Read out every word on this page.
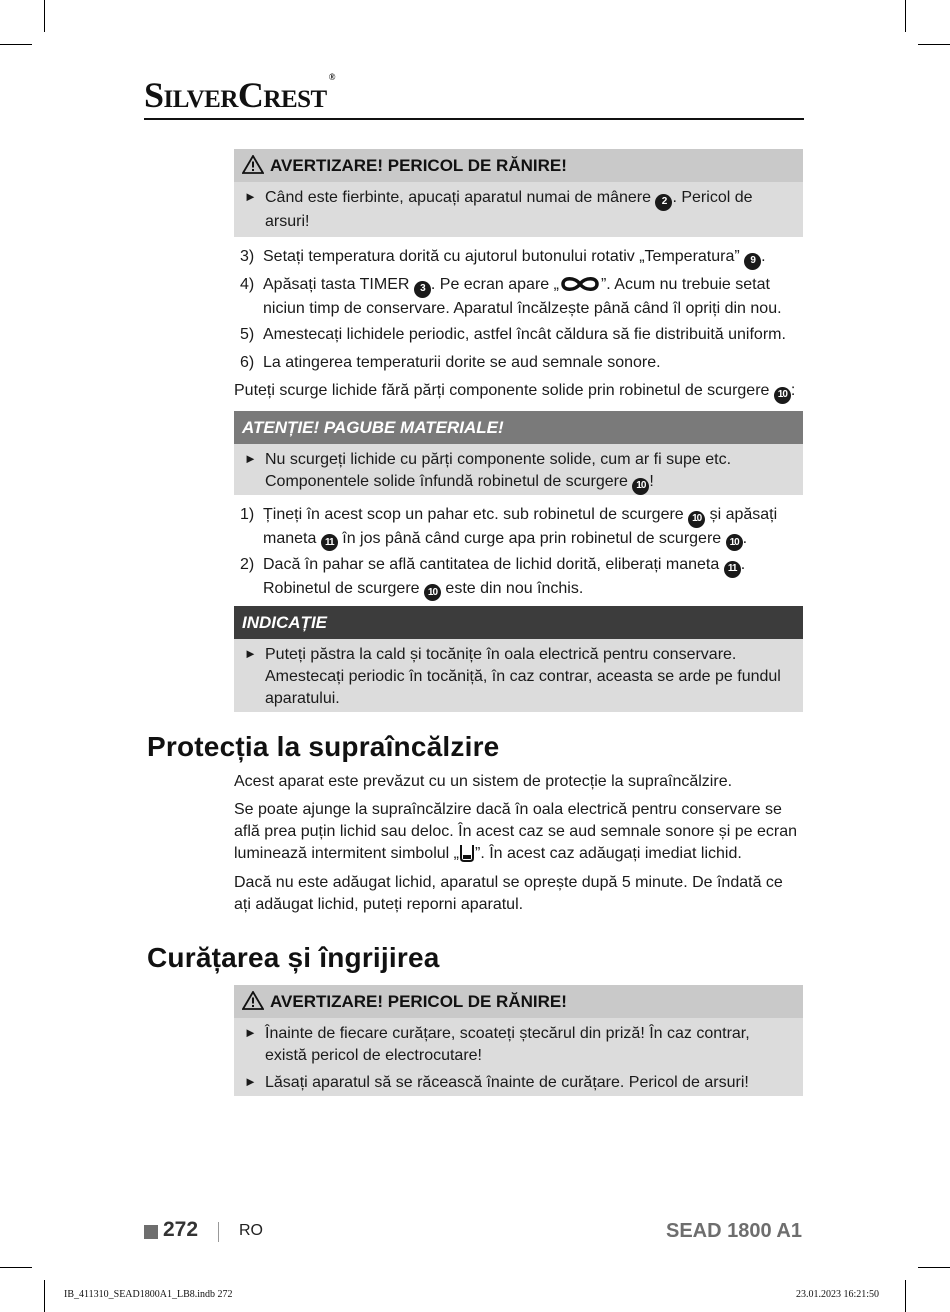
SilverCrest ®
AVERTIZARE! PERICOL DE RĂNIRE!
► Când este fierbinte, apucați aparatul numai de mânere 2 . Pericol de arsuri!
3) Setați temperatura dorită cu ajutorul butonului rotativ „Temperatura” 9 .
4) Apăsați tasta TIMER 3 . Pe ecran apare „	”. Acum nu trebuie setat niciun timp de conservare. Aparatul încălzește până când îl opriți din nou.
5) Amestecați lichidele periodic, astfel încât căldura să fie distribuită uniform.
6) La atingerea temperaturii dorite se aud semnale sonore.
Puteți scurge lichide fără părți componente solide prin robinetul de scurgere 10 :
ATENȚIE! PAGUBE MATERIALE!
► Nu scurgeți lichide cu părți componente solide, cum ar fi supe etc. Componentele solide înfundă robinetul de scurgere 10 !
1) Țineți în acest scop un pahar etc. sub robinetul de scurgere 10 și apăsați maneta 11 în jos până când curge apa prin robinetul de scurgere 10 .
2) Dacă în pahar se află cantitatea de lichid dorită, eliberați maneta 11 . Robinetul de scurgere 10 este din nou închis.
INDICAȚIE
► Puteți păstra la cald și tocănițe în oala electrică pentru conservare. Amestecați periodic în tocăniță, în caz contrar, aceasta se arde pe fundul aparatului.
Protecția la supraîncălzire
Acest aparat este prevăzut cu un sistem de protecție la supraîncălzire.
Se poate ajunge la supraîncălzire dacă în oala electrică pentru conservare se află prea puțin lichid sau deloc. În acest caz se aud semnale sonore și pe ecran luminează intermitent simbolul „ ”. În acest caz adăugați imediat lichid.
Dacă nu este adăugat lichid, aparatul se oprește după 5 minute. De îndată ce ați adăugat lichid, puteți reporni aparatul.
Curățarea și îngrijirea
AVERTIZARE! PERICOL DE RĂNIRE!
► Înainte de fiecare curățare, scoateți ștecărul din priză! În caz contrar, există pericol de electrocutare!
► Lăsați aparatul să se răcească înainte de curățare. Pericol de arsuri!
272	RO	SEAD 1800 A1
IB_411310_SEAD1800A1_LB8.indb 272	23.01.2023 16:21:50
